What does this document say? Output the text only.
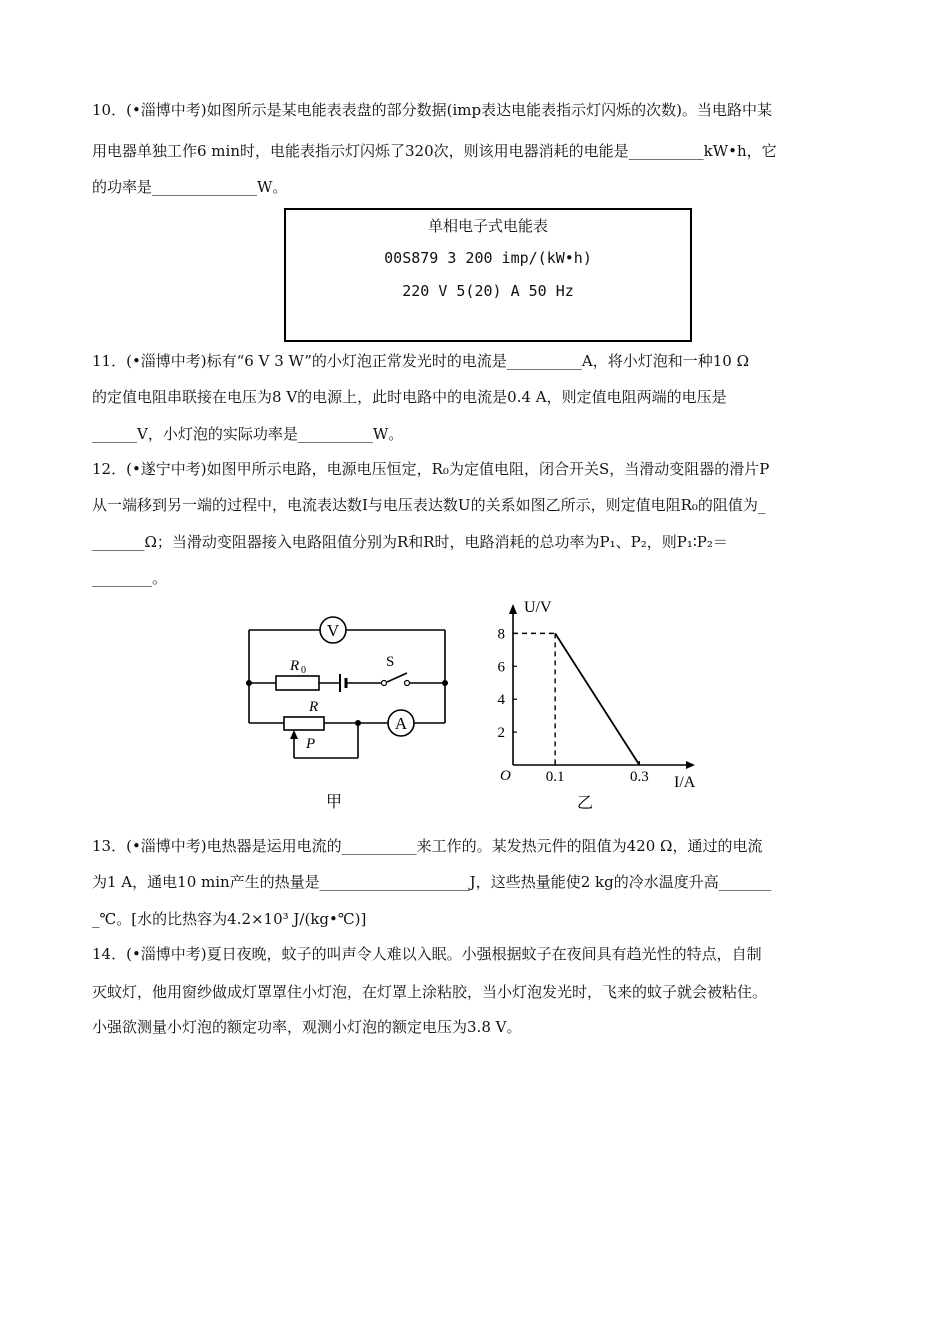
10．(•淄博中考)如图所示是某电能表表盘的部分数据(imp表达电能表指示灯闪烁的次数)。当电路中某
用电器单独工作6 min时，电能表指示灯闪烁了320次，则该用电器消耗的电能是__________kW•h，它
的功率是______________W。
单相电子式电能表
00S879 3 200 imp/(kW•h)
220 V 5(20) A 50 Hz
11．(•淄博中考)标有“6 V 3 W”的小灯泡正常发光时的电流是__________A，将小灯泡和一种10 Ω
的定值电阻串联接在电压为8 V的电源上，此时电路中的电流是0.4 A，则定值电阻两端的电压是
______V，小灯泡的实际功率是__________W。
12．(•遂宁中考)如图甲所示电路，电源电压恒定，R₀为定值电阻，闭合开关S，当滑动变阻器的滑片P
从一端移到另一端的过程中，电流表达数I与电压表达数U的关系如图乙所示，则定值电阻R₀的阻值为_
_______Ω；当滑动变阻器接入电路阻值分别为R和R时，电路消耗的总功率为P₁、P₂，则P₁∶P₂＝
________。
V
A
R 0
S
R
P
甲
2
4
6
8
0.1	0.3
U/V
I/A
O
乙
13．(•淄博中考)电热器是运用电流的__________来工作的。某发热元件的阻值为420 Ω，通过的电流
为1 A，通电10 min产生的热量是____________________J，这些热量能使2 kg的冷水温度升高_______
_℃。[水的比热容为4.2×10³ J/(kg•℃)]
14．(•淄博中考)夏日夜晚，蚊子的叫声令人难以入眠。小强根据蚊子在夜间具有趋光性的特点，自制
灭蚊灯，他用窗纱做成灯罩罩住小灯泡，在灯罩上涂粘胶，当小灯泡发光时，飞来的蚊子就会被粘住。
小强欲测量小灯泡的额定功率，观测小灯泡的额定电压为3.8 V。
